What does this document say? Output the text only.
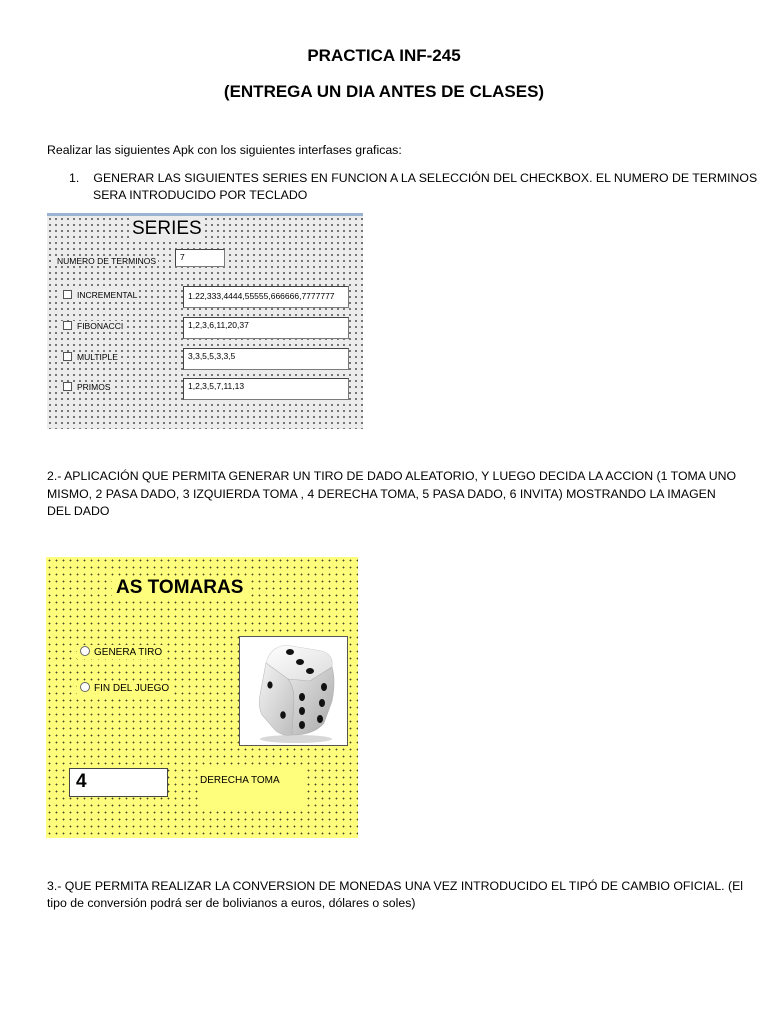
PRACTICA INF-245
(ENTREGA UN DIA ANTES DE CLASES)
Realizar las siguientes Apk con los siguientes interfases graficas:
1. GENERAR LAS SIGUIENTES SERIES EN FUNCION A LA SELECCIÓN DEL CHECKBOX. EL NUMERO DE TERMINOS
SERA INTRODUCIDO POR TECLADO
SERIES
NUMERO DE TERMINOS	7
INCREMENTAL	1.22,333,4444,55555,666666,7777777
FIBONACCI	1,2,3,6,11,20,37
MULTIPLE	3,3,5,5,3,3,5
PRIMOS	1,2,3,5,7,11,13
2.- APLICACIÓN QUE PERMITA GENERAR UN TIRO DE DADO ALEATORIO, Y LUEGO DECIDA LA ACCION (1 TOMA UNO
MISMO, 2 PASA DADO, 3 IZQUIERDA TOMA , 4 DERECHA TOMA, 5 PASA DADO, 6 INVITA) MOSTRANDO LA IMAGEN
DEL DADO
AS TOMARAS
GENERA TIRO
FIN DEL JUEGO
4	DERECHA TOMA
3.- QUE PERMITA REALIZAR LA CONVERSION DE MONEDAS UNA VEZ INTRODUCIDO EL TIPÓ DE CAMBIO OFICIAL. (El
tipo de conversión podrá ser de bolivianos a euros, dólares o soles)
